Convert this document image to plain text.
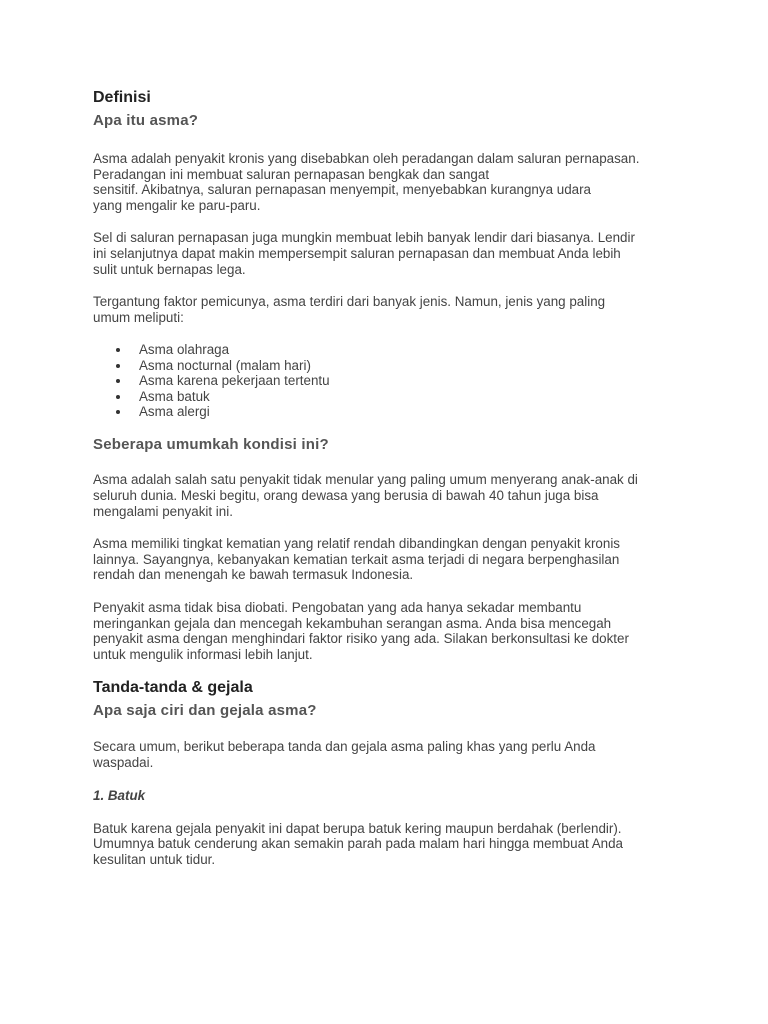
Definisi
Apa itu asma?

Asma adalah penyakit kronis yang disebabkan oleh peradangan dalam saluran pernapasan.
Peradangan ini membuat saluran pernapasan bengkak dan sangat
sensitif. Akibatnya, saluran pernapasan menyempit, menyebabkan kurangnya udara
yang mengalir ke paru-paru.

Sel di saluran pernapasan juga mungkin membuat lebih banyak lendir dari biasanya. Lendir
ini selanjutnya dapat makin mempersempit saluran pernapasan dan membuat Anda lebih
sulit untuk bernapas lega.

Tergantung faktor pemicunya, asma terdiri dari banyak jenis. Namun, jenis yang paling
umum meliputi:

Asma olahraga
Asma nocturnal (malam hari)
Asma karena pekerjaan tertentu
Asma batuk
Asma alergi
Seberapa umumkah kondisi ini?

Asma adalah salah satu penyakit tidak menular yang paling umum menyerang anak-anak di
seluruh dunia. Meski begitu, orang dewasa yang berusia di bawah 40 tahun juga bisa
mengalami penyakit ini.

Asma memiliki tingkat kematian yang relatif rendah dibandingkan dengan penyakit kronis
lainnya. Sayangnya, kebanyakan kematian terkait asma terjadi di negara berpenghasilan
rendah dan menengah ke bawah termasuk Indonesia.

Penyakit asma tidak bisa diobati. Pengobatan yang ada hanya sekadar membantu
meringankan gejala dan mencegah kekambuhan serangan asma. Anda bisa mencegah
penyakit asma dengan menghindari faktor risiko yang ada. Silakan berkonsultasi ke dokter
untuk mengulik informasi lebih lanjut.

Tanda-tanda & gejala
Apa saja ciri dan gejala asma?

Secara umum, berikut beberapa tanda dan gejala asma paling khas yang perlu Anda
waspadai.

1. Batuk

Batuk karena gejala penyakit ini dapat berupa batuk kering maupun berdahak (berlendir).
Umumnya batuk cenderung akan semakin parah pada malam hari hingga membuat Anda
kesulitan untuk tidur.
